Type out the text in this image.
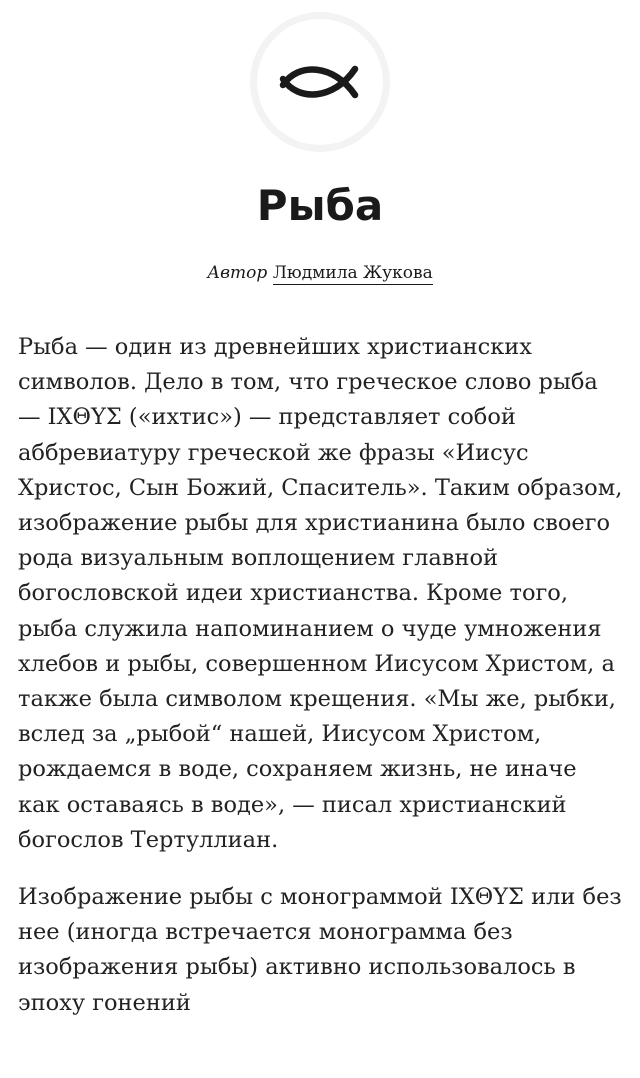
Рыба
Автор Людмила Жукова

Рыба — один из древнейших христианских символов. Дело в том, что греческое слово рыба — ΙΧΘΥΣ («ихтис») — представляет собой аббревиатуру греческой же фразы «Иисус Христос, Сын Божий, Спаситель». Таким образом, изображение рыбы для христианина было своего рода визуальным воплощением главной богословской идеи христианства. Кроме того, рыба служила напоминанием о чуде умножения хлебов и рыбы, совершенном Иисусом Христом, а также была символом крещения. «Мы же, рыбки, вслед за „рыбой“ нашей, Иисусом Христом, рождаемся в воде, сохраняем жизнь, не иначе как оставаясь в воде», — писал христианский богослов Тертуллиан.

Изображение рыбы с монограммой ΙΧΘΥΣ или без нее (иногда встречается монограмма без изображения рыбы) активно использовалось в эпоху гонений
